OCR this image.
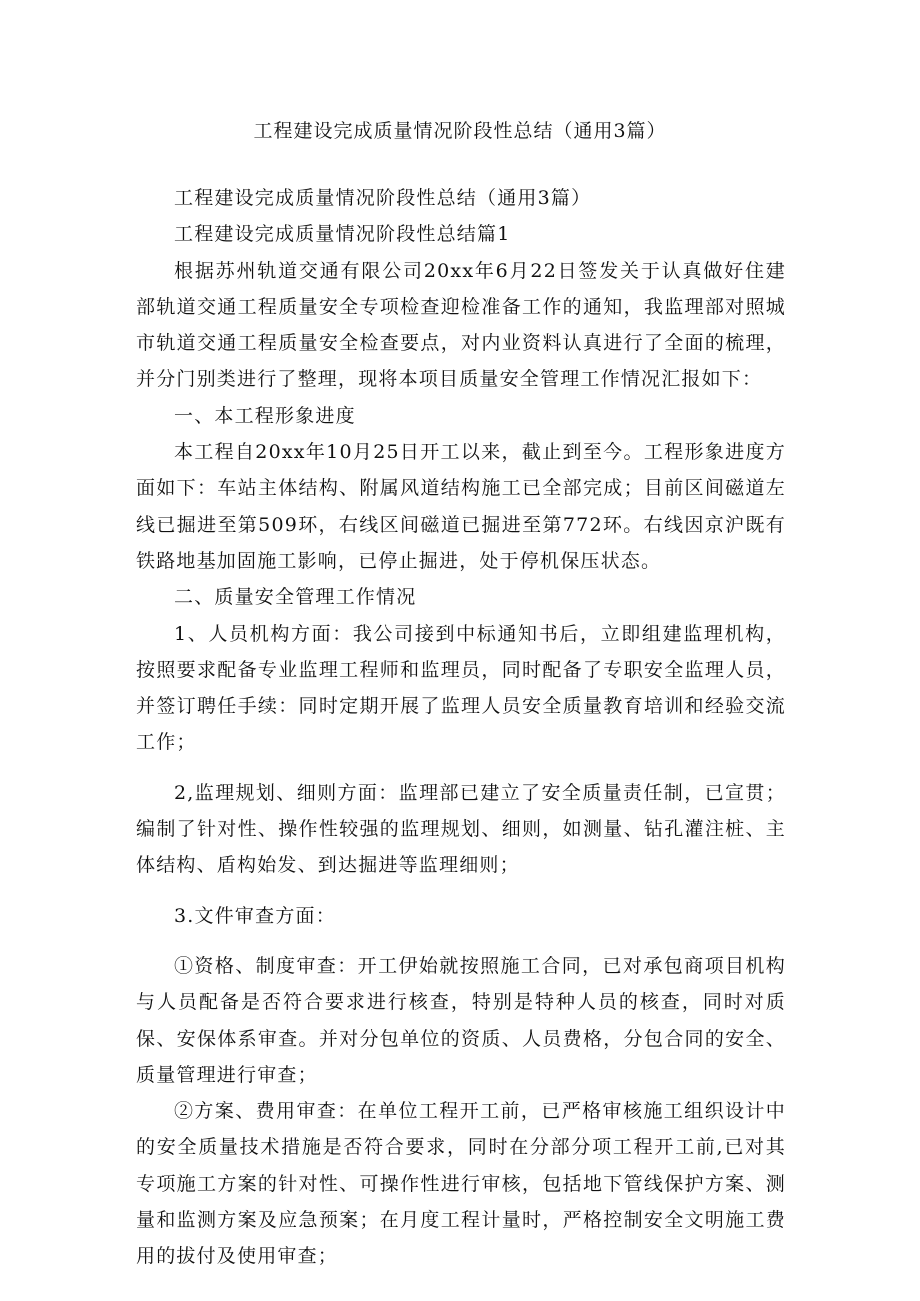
工程建设完成质量情况阶段性总结（通用3篇）

工程建设完成质量情况阶段性总结（通用3篇）

工程建设完成质量情况阶段性总结篇1

根据苏州轨道交通有限公司20xx年6月22日签发关于认真做好住建部轨道交通工程质量安全专项检查迎检准备工作的通知，我监理部对照城市轨道交通工程质量安全检查要点，对内业资料认真进行了全面的梳理，并分门别类进行了整理，现将本项目质量安全管理工作情况汇报如下：

一、本工程形象进度

本工程自20xx年10月25日开工以来，截止到至今。工程形象进度方面如下：车站主体结构、附属风道结构施工已全部完成；目前区间磁道左线已掘进至第509环，右线区间磁道已掘进至第772环。右线因京沪既有铁路地基加固施工影响，已停止掘进，处于停机保压状态。

二、质量安全管理工作情况

1、人员机构方面：我公司接到中标通知书后，立即组建监理机构，按照要求配备专业监理工程师和监理员，同时配备了专职安全监理人员，并签订聘任手续：同时定期开展了监理人员安全质量教育培训和经验交流工作；

2,监理规划、细则方面：监理部已建立了安全质量责任制，已宣贯；编制了针对性、操作性较强的监理规划、细则，如测量、钻孔灌注桩、主体结构、盾构始发、到达掘进等监理细则；

3.文件审查方面：

①资格、制度审查：开工伊始就按照施工合同，已对承包商项目机构与人员配备是否符合要求进行核查，特别是特种人员的核查，同时对质保、安保体系审查。并对分包单位的资质、人员费格，分包合同的安全、质量管理进行审查；

②方案、费用审查：在单位工程开工前，已严格审核施工组织设计中的安全质量技术措施是否符合要求，同时在分部分项工程开工前,已对其专项施工方案的针对性、可操作性进行审核，包括地下管线保护方案、测量和监测方案及应急预案；在月度工程计量时，严格控制安全文明施工费用的拔付及使用审查；
